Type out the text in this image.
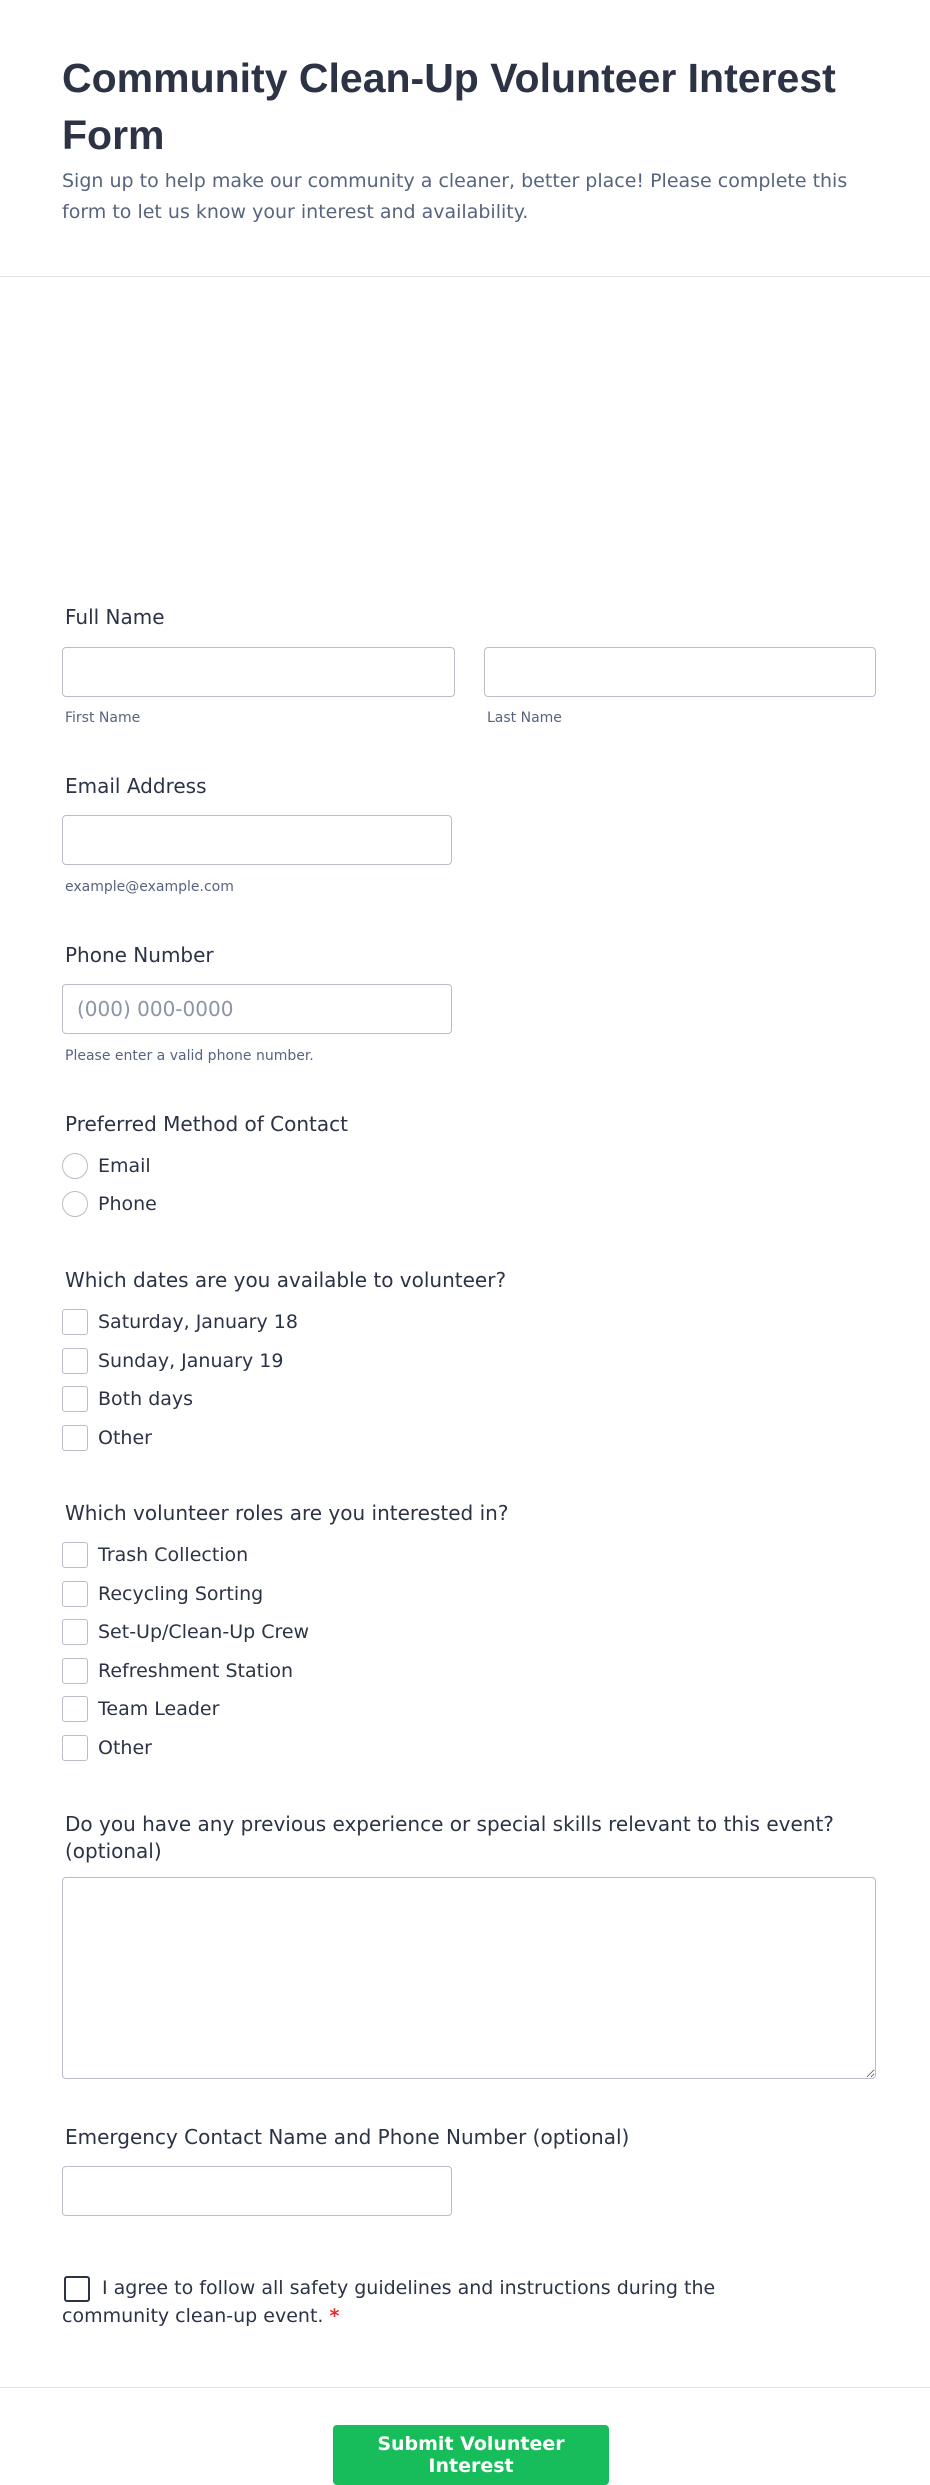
Community Clean-Up Volunteer Interest Form
Sign up to help make our community a cleaner, better place! Please complete this form to let us know your interest and availability.
Full Name
First Name	Last Name
Email Address
example@example.com
Phone Number
(000) 000-0000
Please enter a valid phone number.
Preferred Method of Contact
Email
Phone
Which dates are you available to volunteer?
Saturday, January 18
Sunday, January 19
Both days
Other
Which volunteer roles are you interested in?
Trash Collection
Recycling Sorting
Set-Up/Clean-Up Crew
Refreshment Station
Team Leader
Other
Do you have any previous experience or special skills relevant to this event? (optional)
Emergency Contact Name and Phone Number (optional)
I agree to follow all safety guidelines and instructions during the community clean-up event. *
Submit Volunteer Interest
